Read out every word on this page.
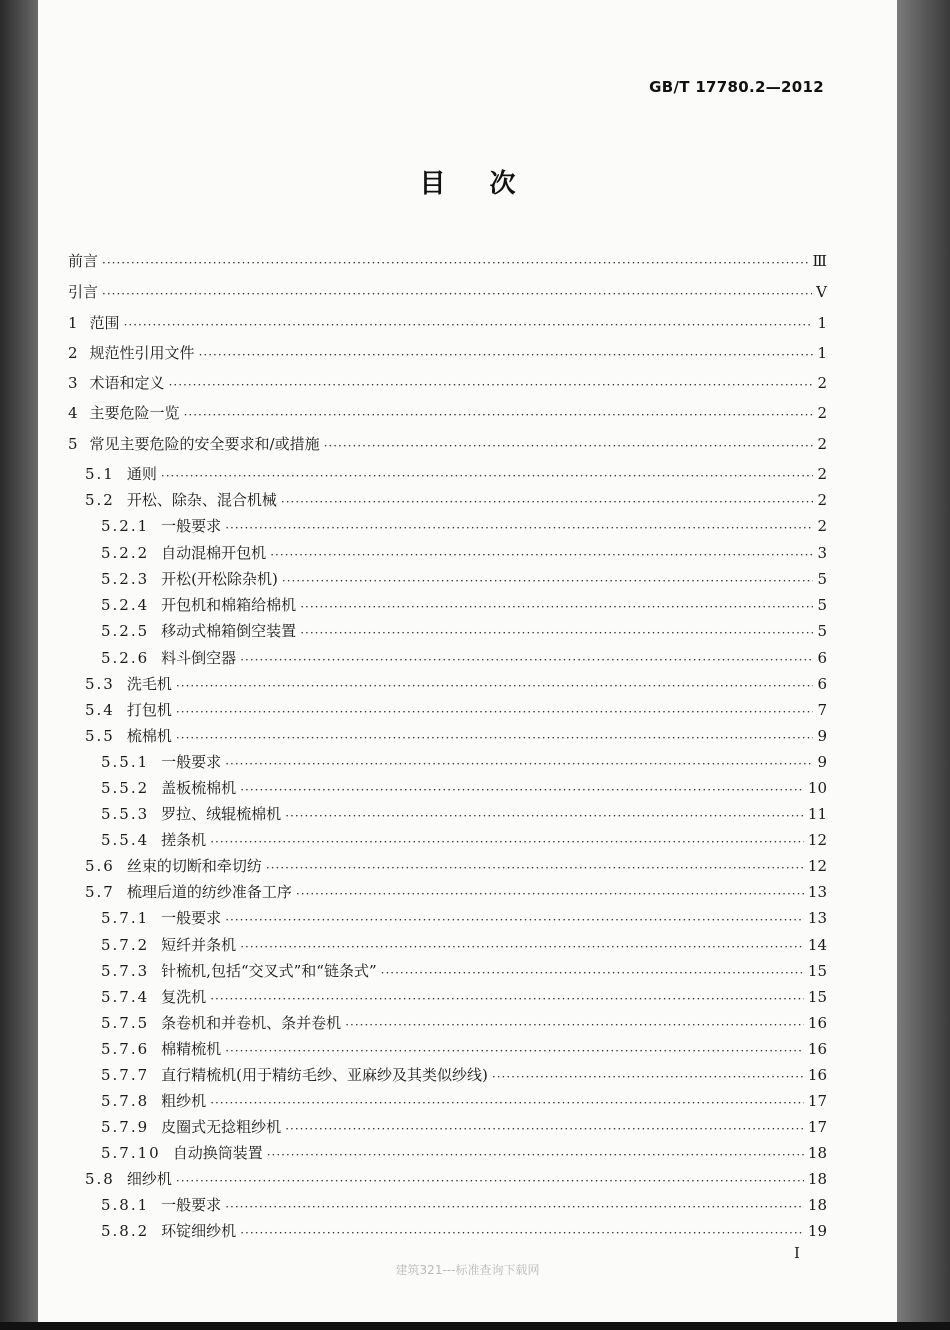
GB/T 17780.2—2012
目次
前言 ·····	Ⅲ
引言 ·····	Ⅴ
1 范围 ·····	1
2 规范性引用文件 ·····	1
3 术语和定义 ·····	2
4 主要危险一览 ·····	2
5 常见主要危险的安全要求和/或措施 ·····	2
5.1 通则 ·····	2
5.2 开松、除杂、混合机械 ·····	2
5.2.1 一般要求 ·····	2
5.2.2 自动混棉开包机 ·····	3
5.2.3 开松(开松除杂机) ·····	5
5.2.4 开包机和棉箱给棉机 ·····	5
5.2.5 移动式棉箱倒空装置 ·····	5
5.2.6 料斗倒空器 ·····	6
5.3 洗毛机 ·····	6
5.4 打包机 ·····	7
5.5 梳棉机 ·····	9
5.5.1 一般要求 ·····	9
5.5.2 盖板梳棉机 ·····	10
5.5.3 罗拉、绒辊梳棉机 ·····	11
5.5.4 搓条机 ·····	12
5.6 丝束的切断和牵切纺 ·····	12
5.7 梳理后道的纺纱准备工序 ·····	13
5.7.1 一般要求 ·····	13
5.7.2 短纤并条机 ·····	14
5.7.3 针梳机,包括“交叉式”和“链条式” ·····	15
5.7.4 复洗机 ·····	15
5.7.5 条卷机和并卷机、条并卷机 ·····	16
5.7.6 棉精梳机 ·····	16
5.7.7 直行精梳机(用于精纺毛纱、亚麻纱及其类似纱线) ·····	16
5.7.8 粗纱机 ·····	17
5.7.9 皮圈式无捻粗纱机 ·····	17
5.7.10 自动换筒装置 ·····	18
5.8 细纱机 ·····	18
5.8.1 一般要求 ·····	18
5.8.2 环锭细纱机 ·····	19
I
建筑321---标准查询下载网
